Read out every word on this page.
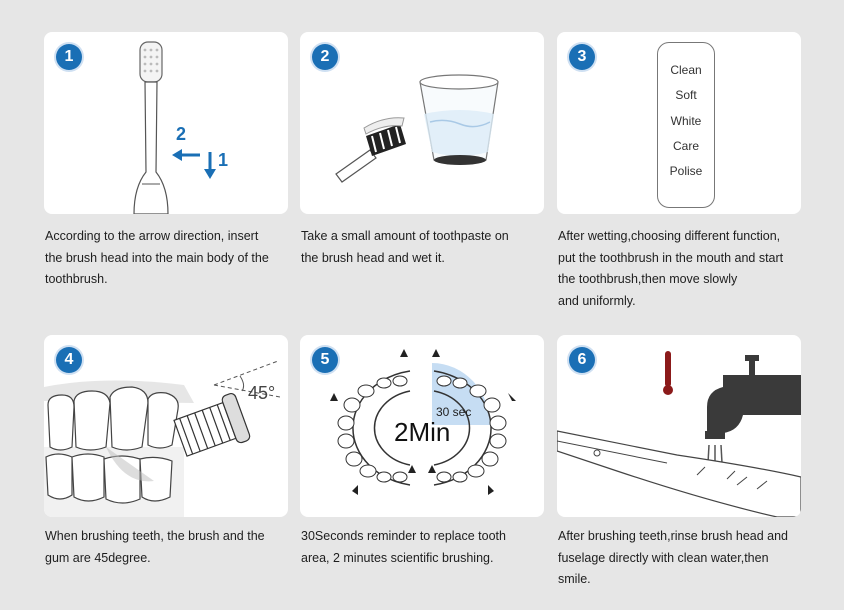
1
2
1
According to the arrow direction, insert
the brush head into the main body of the
toothbrush.
2
Take a small amount of toothpaste on
the brush head and wet it.
3
Clean
Soft
White
Care
Polise
After wetting,choosing different function,
put the toothbrush in the mouth and start
the toothbrush,then move slowly
and uniformly.
4
45°
When brushing teeth, the brush and the
gum are 45degree.
5
30 sec
2Min
30Seconds reminder to replace tooth
area, 2 minutes scientific brushing.
6
After brushing teeth,rinse brush head and
fuselage directly with clean water,then
smile.
